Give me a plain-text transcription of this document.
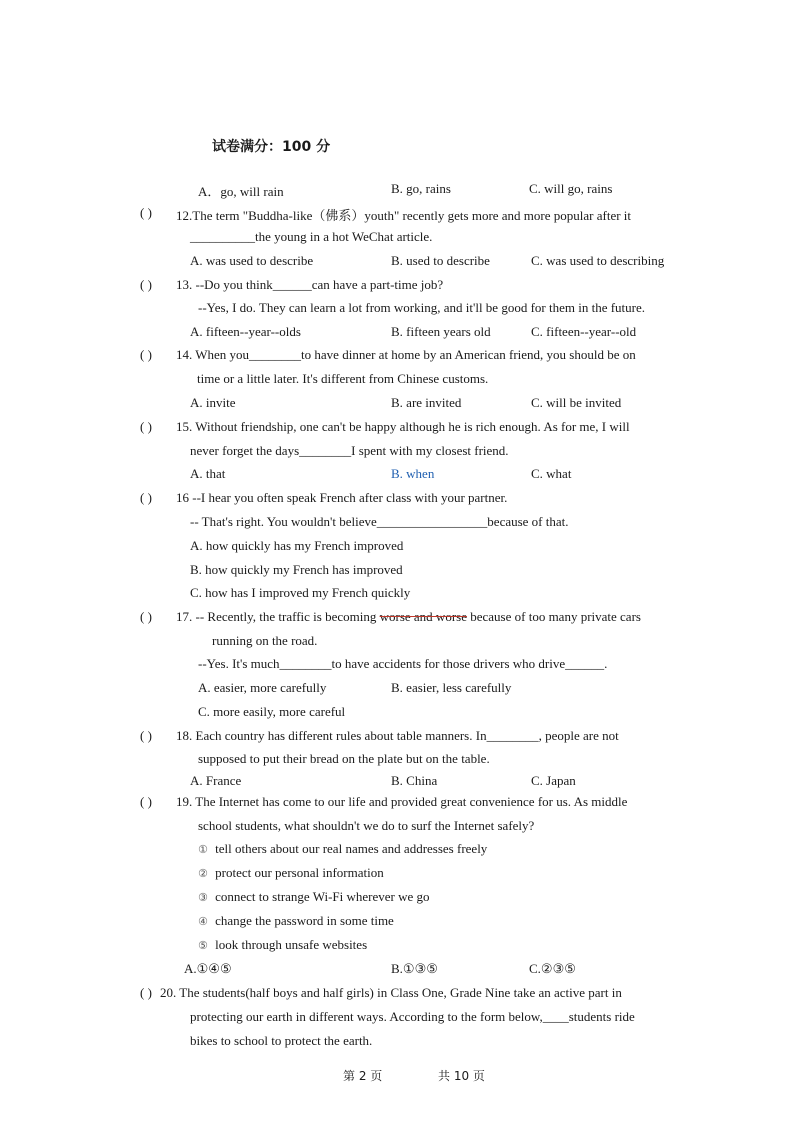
试卷满分：100 分
A．go, will rain	B. go, rains	C. will go, rains
( ) 12.The term "Buddha-like（佛系）youth" recently gets more and more popular after it
__________the young in a hot WeChat article.
A. was used to describe	B. used to describe	C. was used to describing
( ) 13. --Do you think______can have a part-time job?
--Yes, I do. They can learn a lot from working, and it'll be good for them in the future.
A. fifteen--year--olds	B. fifteen years old	C. fifteen--year--old
( ) 14. When you________to have dinner at home by an American friend, you should be on
time or a little later. It's different from Chinese customs.
A. invite	B. are invited	C. will be invited
( ) 15. Without friendship, one can't be happy although he is rich enough. As for me, I will
never forget the days________I spent with my closest friend.
A. that	B. when	C. what
( ) 16 --I hear you often speak French after class with your partner.
-- That's right. You wouldn't believe_________________because of that.
A. how quickly has my French improved
B. how quickly my French has improved
C. how has I improved my French quickly
( ) 17. -- Recently, the traffic is becoming worse and worse because of too many private cars
running on the road.
--Yes. It's much________to have accidents for those drivers who drive______.
A. easier, more carefully	B. easier, less carefully
C. more easily, more careful
( ) 18. Each country has different rules about table manners. In________, people are not
supposed to put their bread on the plate but on the table.
A. France	B. China	C. Japan
( ) 19. The Internet has come to our life and provided great convenience for us. As middle
school students, what shouldn't we do to surf the Internet safely?
① tell others about our real names and addresses freely
② protect our personal information
③ connect to strange Wi-Fi wherever we go
④ change the password in some time
⑤ look through unsafe websites
A.①④⑤	B.①③⑤	C.②③⑤
( ) 20. The students(half boys and half girls) in Class One, Grade Nine take an active part in
protecting our earth in different ways. According to the form below,____students ride
bikes to school to protect the earth.
第 2 页	共 10 页
